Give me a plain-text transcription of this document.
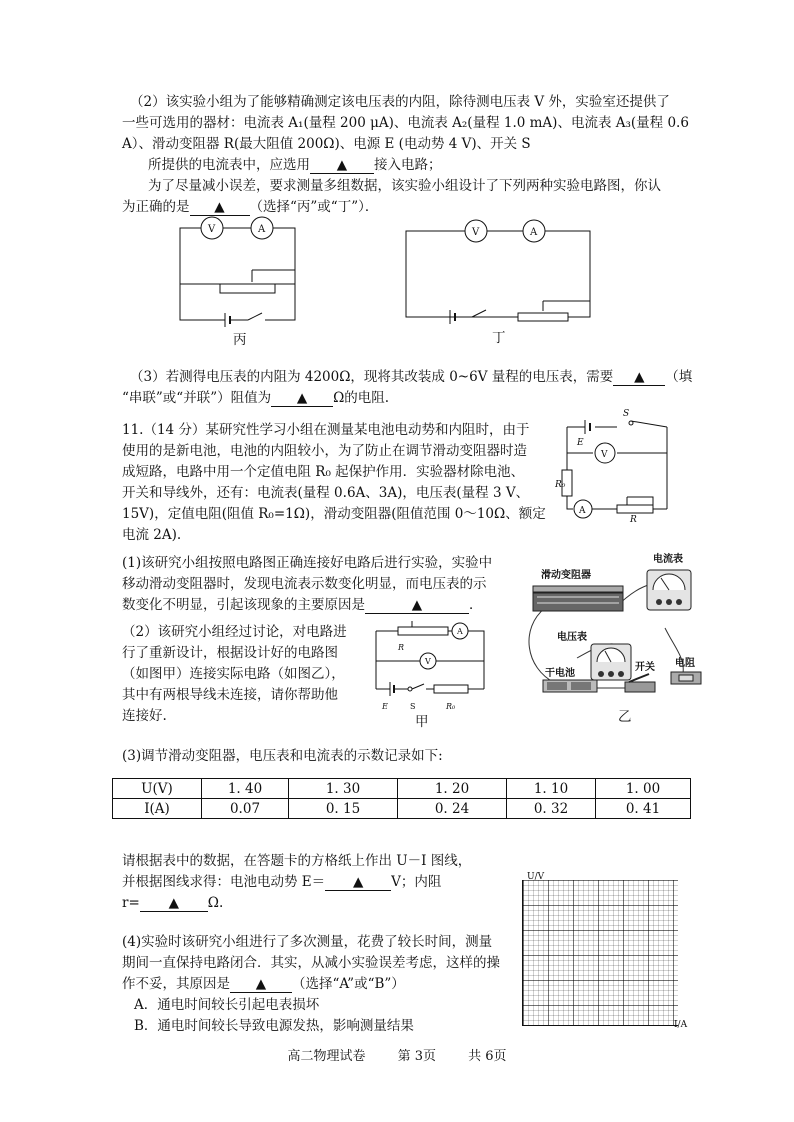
（2）该实验小组为了能够精确测定该电压表的内阻，除待测电压表 V 外，实验室还提供了
一些可选用的器材：电流表 A₁(量程 200 μA)、电流表 A₂(量程 1.0 mA)、电流表 A₃(量程 0.6
A）、滑动变阻器 R(最大阻值 200Ω)、电源 E (电动势 4 V)、开关 S
所提供的电流表中，应选用 ▲ 接入电路；
为了尽量减小误差，要求测量多组数据，该实验小组设计了下列两种实验电路图，你认
为正确的是 ▲ （选择“丙”或“丁”）．
V	A
丙
V	A
丁
（3）若测得电压表的内阻为 4200Ω，现将其改装成 0~6V 量程的电压表，需要 ▲ （填
“串联”或“并联”）阻值为 ▲ Ω的电阻.
11.（14 分）某研究性学习小组在测量某电池电动势和内阻时，由于
使用的是新电池，电池的内阻较小，为了防止在调节滑动变阻器时造
成短路，电路中用一个定值电阻 R₀ 起保护作用．实验器材除电池、
开关和导线外，还有：电流表(量程 0.6A、3A)，电压表(量程 3 V、
15V)，定值电阻(阻值 R₀=1Ω)，滑动变阻器(阻值范围 0～10Ω、额定
电流 2A).
S
E
V
R₀
A
R
(1)该研究小组按照电路图正确连接好电路后进行实验，实验中
移动滑动变阻器时，发现电流表示数变化明显，而电压表的示
数变化不明显，引起该现象的主要原因是	▲	．
（2）该研究小组经过讨论，对电路进
行了重新设计，根据设计好的电路图
（如图甲）连接实际电路（如图乙），
其中有两根导线未连接，请你帮助他
连接好.
A
V
R
E	S	R₀
甲
滑动变阻器
电流表
电压表
干电池
开关 电阻
乙
(3)调节滑动变阻器，电压表和电流表的示数记录如下:
U(V)	1. 40	1. 30	1. 20	1. 10	1. 00
I(A)	0.07	0. 15	0. 24	0. 32	0. 41
请根据表中的数据，在答题卡的方格纸上作出 U－I 图线，
并根据图线求得：电池电动势 E＝ ▲ V；内阻
r= ▲ Ω.
(4)实验时该研究小组进行了多次测量，花费了较长时间，测量
期间一直保持电路闭合．其实，从减小实验误差考虑，这样的操
作不妥，其原因是 ▲ （选择“A”或“B”）
A．通电时间较长引起电表损坏
B．通电时间较长导致电源发热，影响测量结果
U/V
I/A
高二物理试卷 第 3页 共 6页
